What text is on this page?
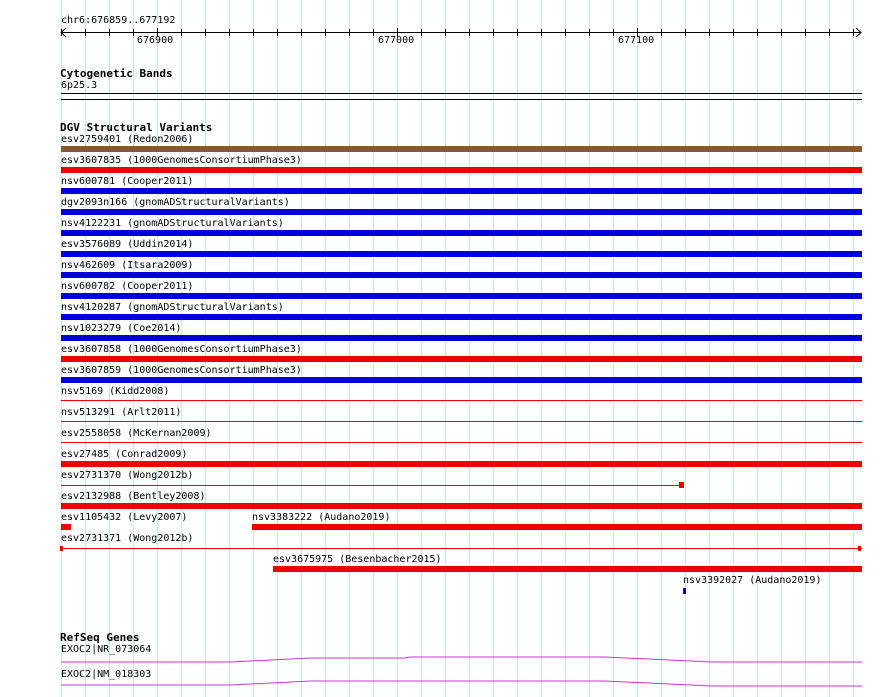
chr6:676859..677192
676900	677000	677100
Cytogenetic Bands
6p25.3
DGV Structural Variants
esv2759401 (Redon2006)
esv3607835 (1000GenomesConsortiumPhase3)
nsv600781 (Cooper2011)
dgv2093n166 (gnomADStructuralVariants)
nsv4122231 (gnomADStructuralVariants)
esv3576089 (Uddin2014)
nsv462609 (Itsara2009)
nsv600782 (Cooper2011)
nsv4120287 (gnomADStructuralVariants)
nsv1023279 (Coe2014)
esv3607858 (1000GenomesConsortiumPhase3)
esv3607859 (1000GenomesConsortiumPhase3)
nsv5169 (Kidd2008)
nsv513291 (Arlt2011)
esv2558058 (McKernan2009)
esv27485 (Conrad2009)
esv2731370 (Wong2012b)
esv2132988 (Bentley2008)
esv1105432 (Levy2007)	nsv3383222 (Audano2019)
esv2731371 (Wong2012b)
esv3675975 (Besenbacher2015)
nsv3392027 (Audano2019)
RefSeq Genes
EXOC2|NR_073064
EXOC2|NM_018303
